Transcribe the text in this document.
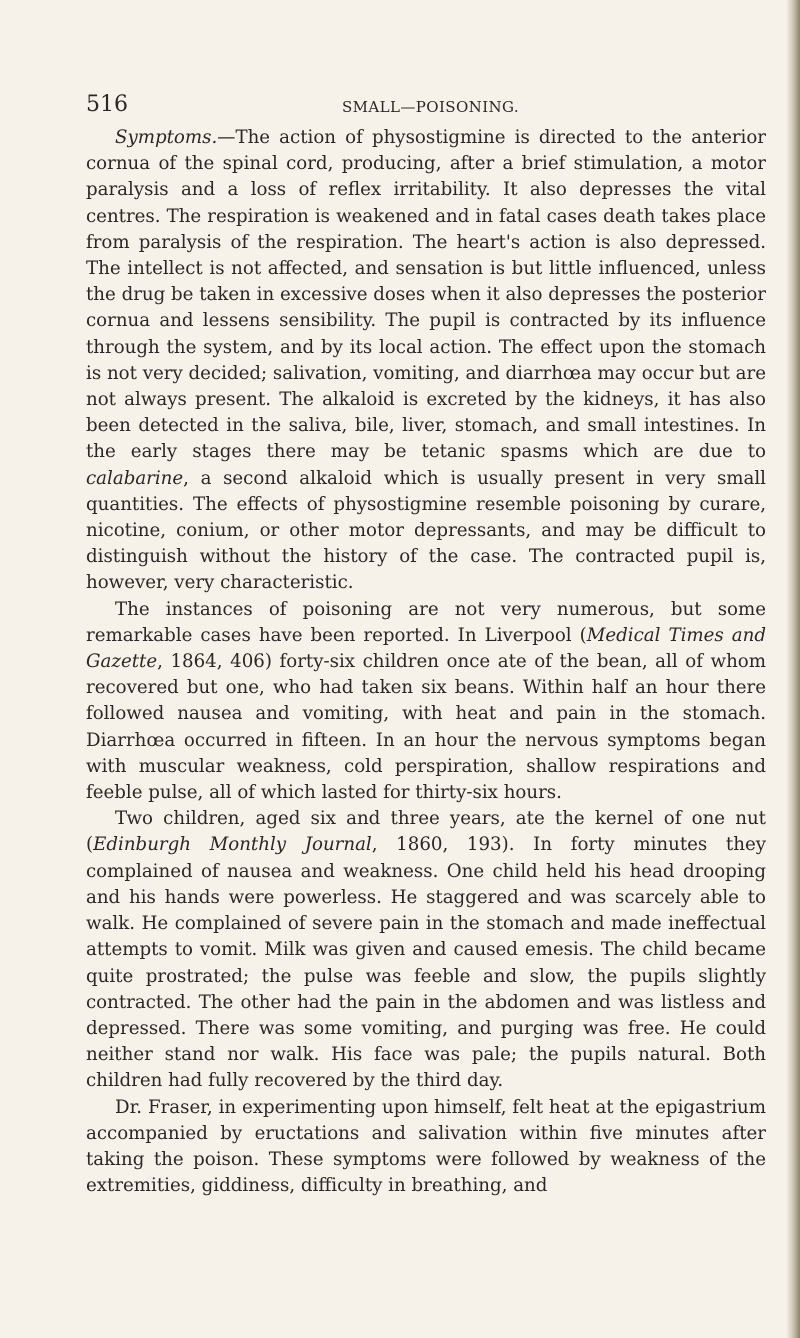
516	SMALL—POISONING.

Symptoms.—The action of physostigmine is directed to the anterior cornua of the spinal cord, producing, after a brief stimulation, a motor paralysis and a loss of reflex irritability. It also depresses the vital centres. The respiration is weakened and in fatal cases death takes place from paralysis of the respiration. The heart's action is also depressed. The intellect is not affected, and sensation is but little influenced, unless the drug be taken in excessive doses when it also depresses the posterior cornua and lessens sensibility. The pupil is contracted by its influence through the system, and by its local action. The effect upon the stomach is not very decided; salivation, vomiting, and diarrhœa may occur but are not always present. The alkaloid is excreted by the kidneys, it has also been detected in the saliva, bile, liver, stomach, and small intestines. In the early stages there may be tetanic spasms which are due to calabarine, a second alkaloid which is usually present in very small quantities. The effects of physostigmine resemble poisoning by curare, nicotine, conium, or other motor depressants, and may be difficult to distinguish without the history of the case. The contracted pupil is, however, very characteristic.

The instances of poisoning are not very numerous, but some remarkable cases have been reported. In Liverpool (Medical Times and Gazette, 1864, 406) forty-six children once ate of the bean, all of whom recovered but one, who had taken six beans. Within half an hour there followed nausea and vomiting, with heat and pain in the stomach. Diarrhœa occurred in fifteen. In an hour the nervous symptoms began with muscular weakness, cold perspiration, shallow respirations and feeble pulse, all of which lasted for thirty-six hours.

Two children, aged six and three years, ate the kernel of one nut (Edinburgh Monthly Journal, 1860, 193). In forty minutes they complained of nausea and weakness. One child held his head drooping and his hands were powerless. He staggered and was scarcely able to walk. He complained of severe pain in the stomach and made ineffectual attempts to vomit. Milk was given and caused emesis. The child became quite prostrated; the pulse was feeble and slow, the pupils slightly contracted. The other had the pain in the abdomen and was listless and depressed. There was some vomiting, and purging was free. He could neither stand nor walk. His face was pale; the pupils natural. Both children had fully recovered by the third day.

Dr. Fraser, in experimenting upon himself, felt heat at the epigastrium accompanied by eructations and salivation within five minutes after taking the poison. These symptoms were followed by weakness of the extremities, giddiness, difficulty in breathing, and
